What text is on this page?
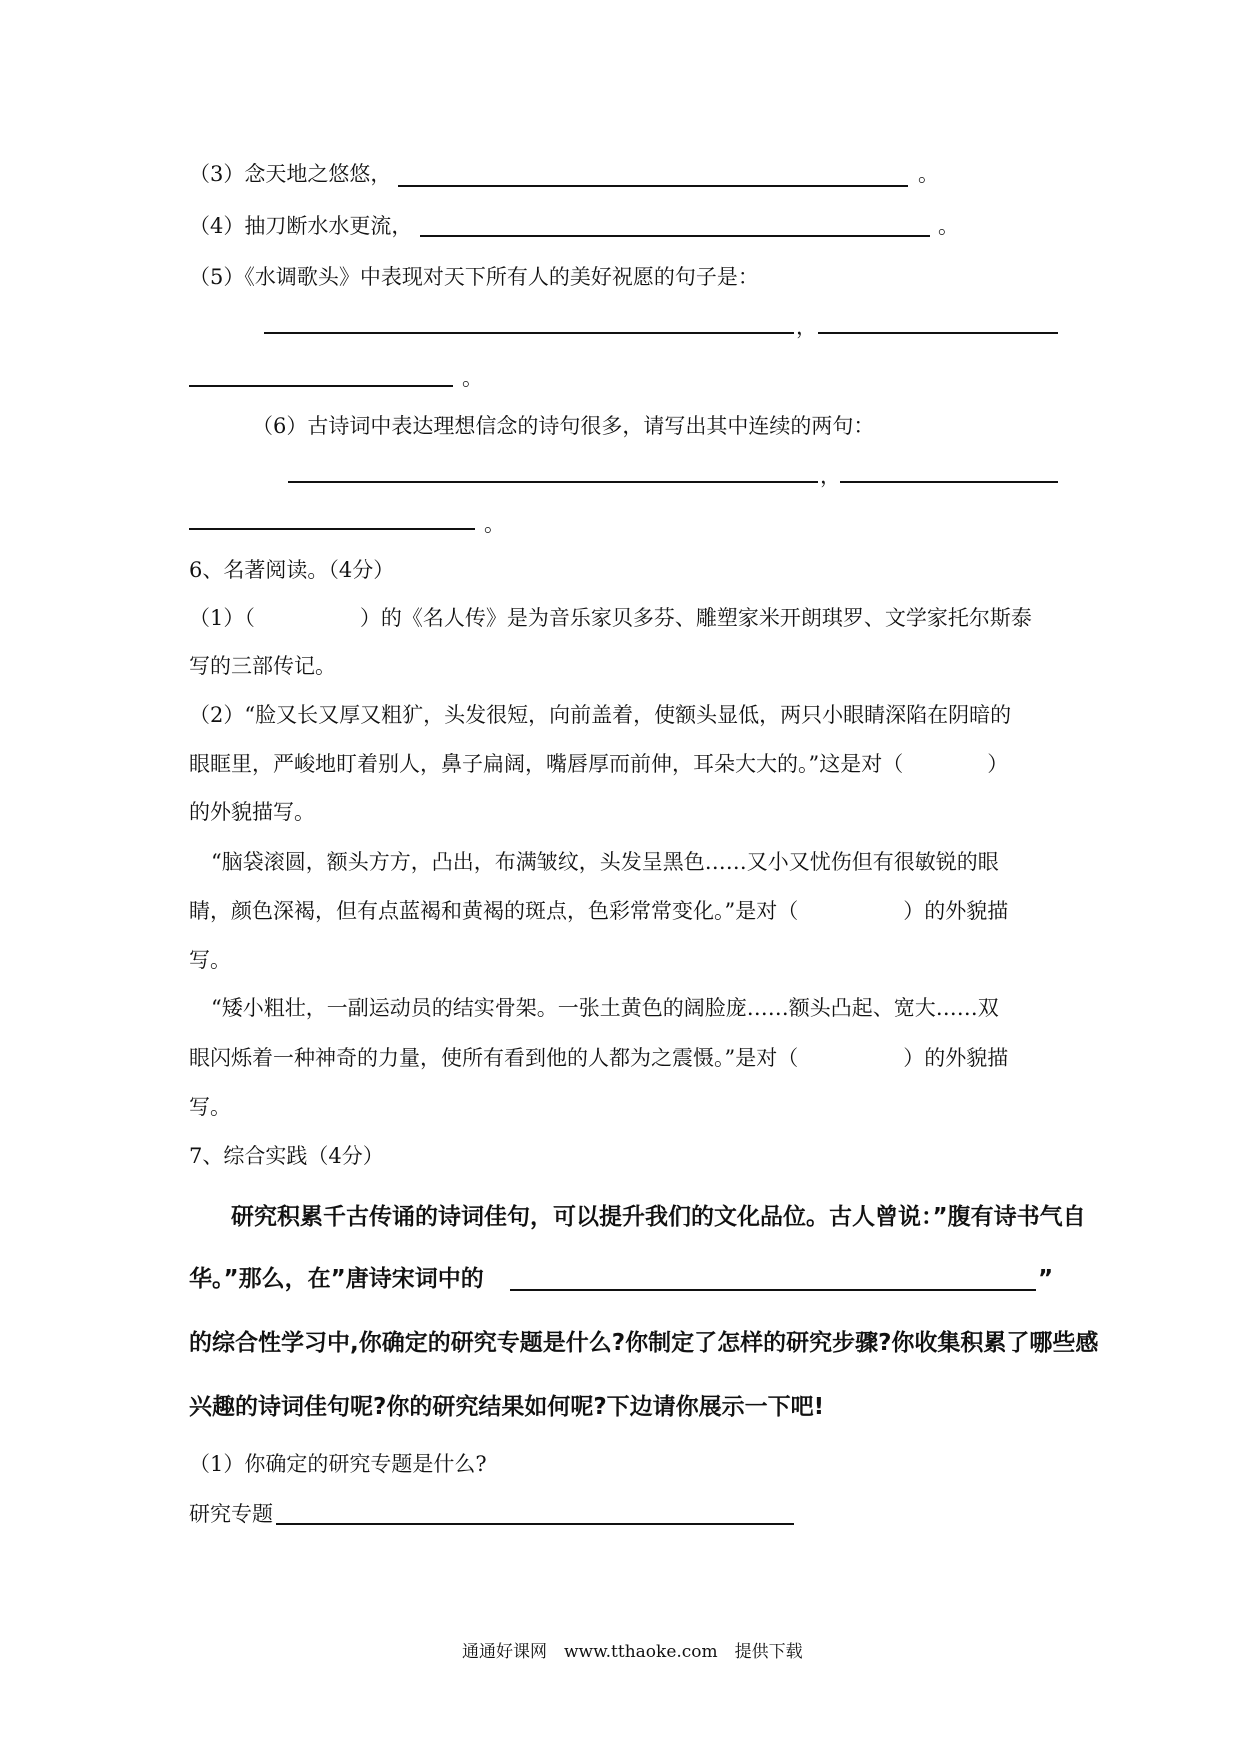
（3）念天地之悠悠，	。
（4）抽刀断水水更流，	。
（5）《水调歌头》中表现对天下所有人的美好祝愿的句子是：
，
。
（6）古诗词中表达理想信念的诗句很多，请写出其中连续的两句：
，
。
6、名著阅读。（4分）
（1）（　　　　　）的《名人传》是为音乐家贝多芬、雕塑家米开朗琪罗、文学家托尔斯泰
写的三部传记。
（2）“脸又长又厚又粗犷，头发很短，向前盖着，使额头显低，两只小眼睛深陷在阴暗的
眼眶里，严峻地盯着别人，鼻子扁阔，嘴唇厚而前伸，耳朵大大的。”这是对（　　　　）
的外貌描写。
“脑袋滚圆，额头方方，凸出，布满皱纹，头发呈黑色……又小又忧伤但有很敏锐的眼
睛，颜色深褐，但有点蓝褐和黄褐的斑点，色彩常常变化。”是对（　　　　　）的外貌描
写。
“矮小粗壮，一副运动员的结实骨架。一张土黄色的阔脸庞……额头凸起、宽大……双
眼闪烁着一种神奇的力量，使所有看到他的人都为之震慑。”是对（　　　　　）的外貌描
写。
7、综合实践（4分）
研究积累千古传诵的诗词佳句，可以提升我们的文化品位。古人曾说：”腹有诗书气自
华。”那么，在”唐诗宋词中的	”
的综合性学习中,你确定的研究专题是什么?你制定了怎样的研究步骤?你收集积累了哪些感
兴趣的诗词佳句呢?你的研究结果如何呢?下边请你展示一下吧!
（1）你确定的研究专题是什么?
研究专题
通通好课网　www.tthaoke.com　提供下载
